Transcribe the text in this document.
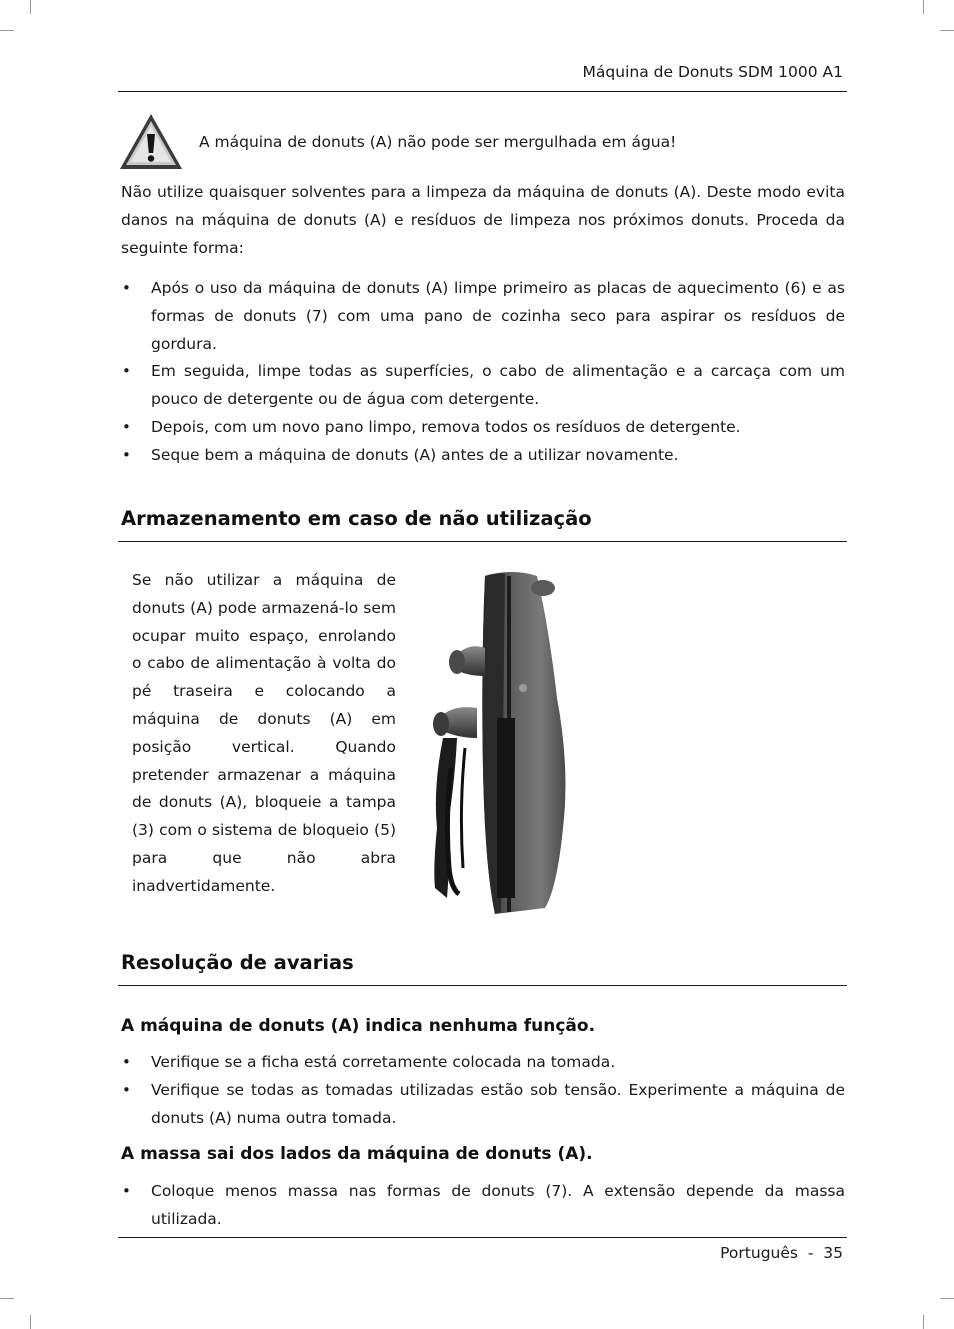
Máquina de Donuts SDM 1000 A1
A máquina de donuts (A) não pode ser mergulhada em água!
Não utilize quaisquer solventes para a limpeza da máquina de donuts (A). Deste modo evita danos na máquina de donuts (A) e resíduos de limpeza nos próximos donuts. Proceda da seguinte forma:
• Após o uso da máquina de donuts (A) limpe primeiro as placas de aquecimento (6) e as formas de donuts (7) com uma pano de cozinha seco para aspirar os resíduos de gordura.
• Em seguida, limpe todas as superfícies, o cabo de alimentação e a carcaça com um pouco de detergente ou de água com detergente.
• Depois, com um novo pano limpo, remova todos os resíduos de detergente.
• Seque bem a máquina de donuts (A) antes de a utilizar novamente.
Armazenamento em caso de não utilização
Se não utilizar a máquina de donuts (A) pode armazená-lo sem ocupar muito espaço, enrolando o cabo de alimentação à volta do pé traseira e colocando a máquina de donuts (A) em posição vertical. Quando pretender armazenar a máquina de donuts (A), bloqueie a tampa (3) com o sistema de bloqueio (5) para que não abra inadvertidamente.
Resolução de avarias
A máquina de donuts (A) indica nenhuma função.
• Verifique se a ficha está corretamente colocada na tomada.
• Verifique se todas as tomadas utilizadas estão sob tensão. Experimente a máquina de donuts (A) numa outra tomada.
A massa sai dos lados da máquina de donuts (A).
• Coloque menos massa nas formas de donuts (7). A extensão depende da massa utilizada.
Português  -  35
